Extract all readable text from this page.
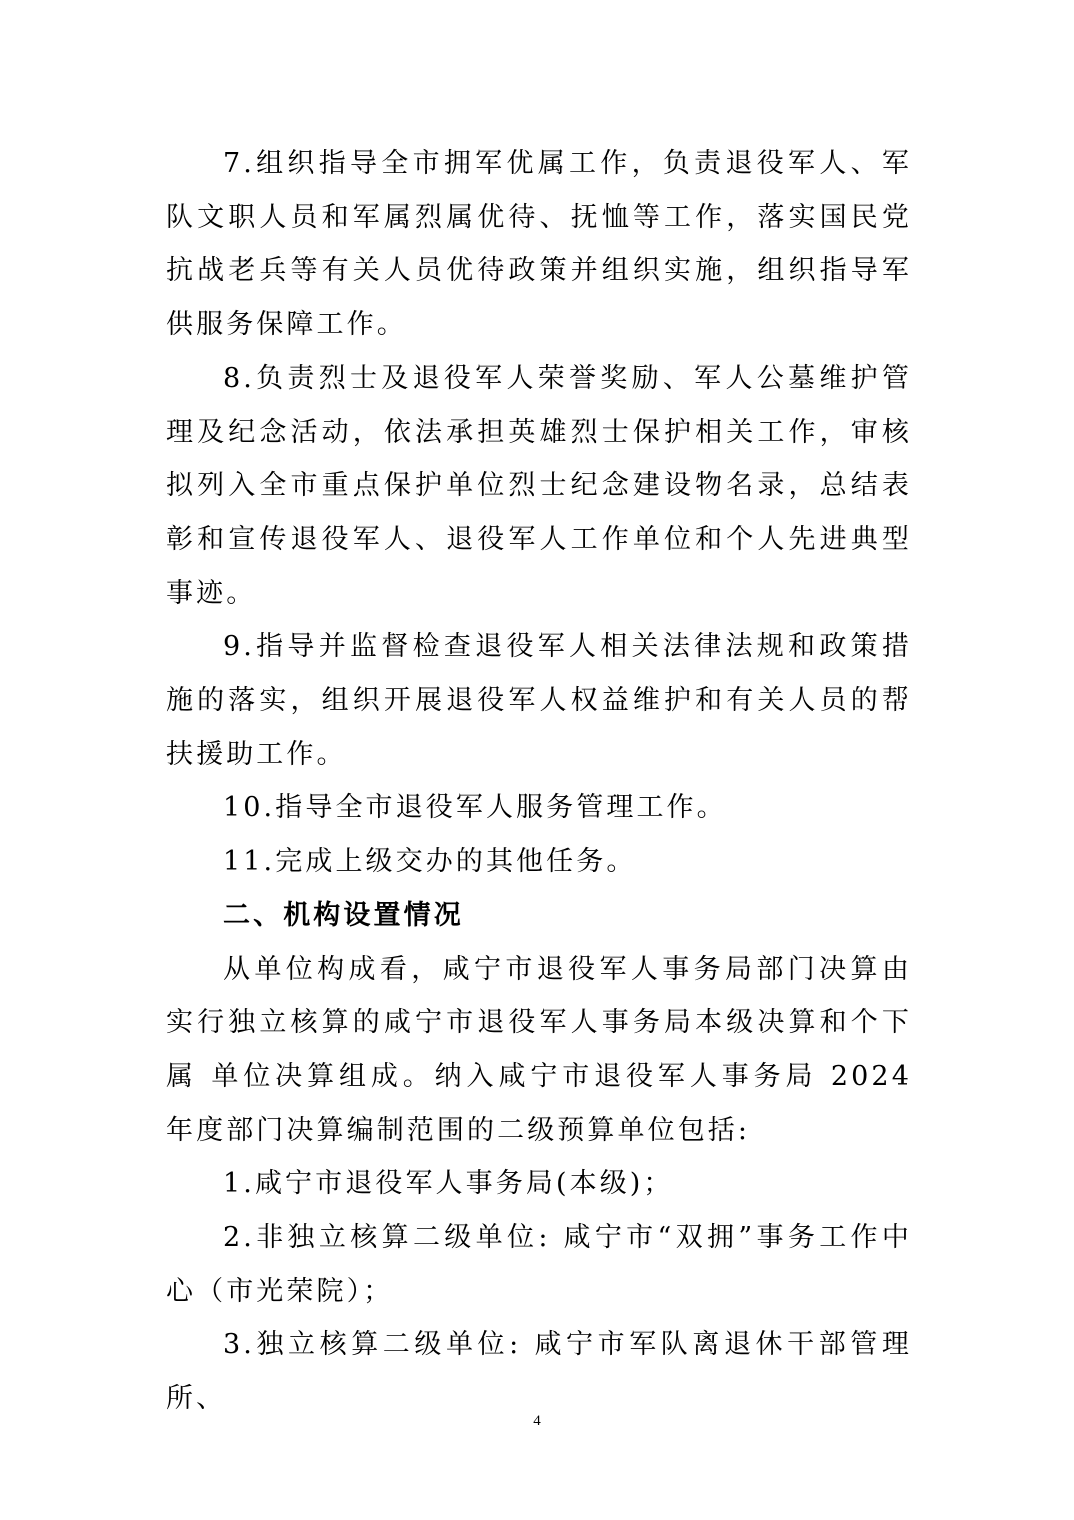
7.组织指导全市拥军优属工作，负责退役军人、军队文职人员和军属烈属优待、抚恤等工作，落实国民党抗战老兵等有关人员优待政策并组织实施，组织指导军供服务保障工作。

8.负责烈士及退役军人荣誉奖励、军人公墓维护管理及纪念活动，依法承担英雄烈士保护相关工作，审核拟列入全市重点保护单位烈士纪念建设物名录，总结表彰和宣传退役军人、退役军人工作单位和个人先进典型事迹。

9.指导并监督检查退役军人相关法律法规和政策措施的落实，组织开展退役军人权益维护和有关人员的帮扶援助工作。

10.指导全市退役军人服务管理工作。

11.完成上级交办的其他任务。

二、机构设置情况

从单位构成看，咸宁市退役军人事务局部门决算由实行独立核算的咸宁市退役军人事务局本级决算和个下属 单位决算组成。纳入咸宁市退役军人事务局 2024 年度部门决算编制范围的二级预算单位包括:

1.咸宁市退役军人事务局(本级)；

2.非独立核算二级单位: 咸宁市“双拥”事务工作中心（市光荣院）；

3.独立核算二级单位: 咸宁市军队离退休干部管理所、

4
